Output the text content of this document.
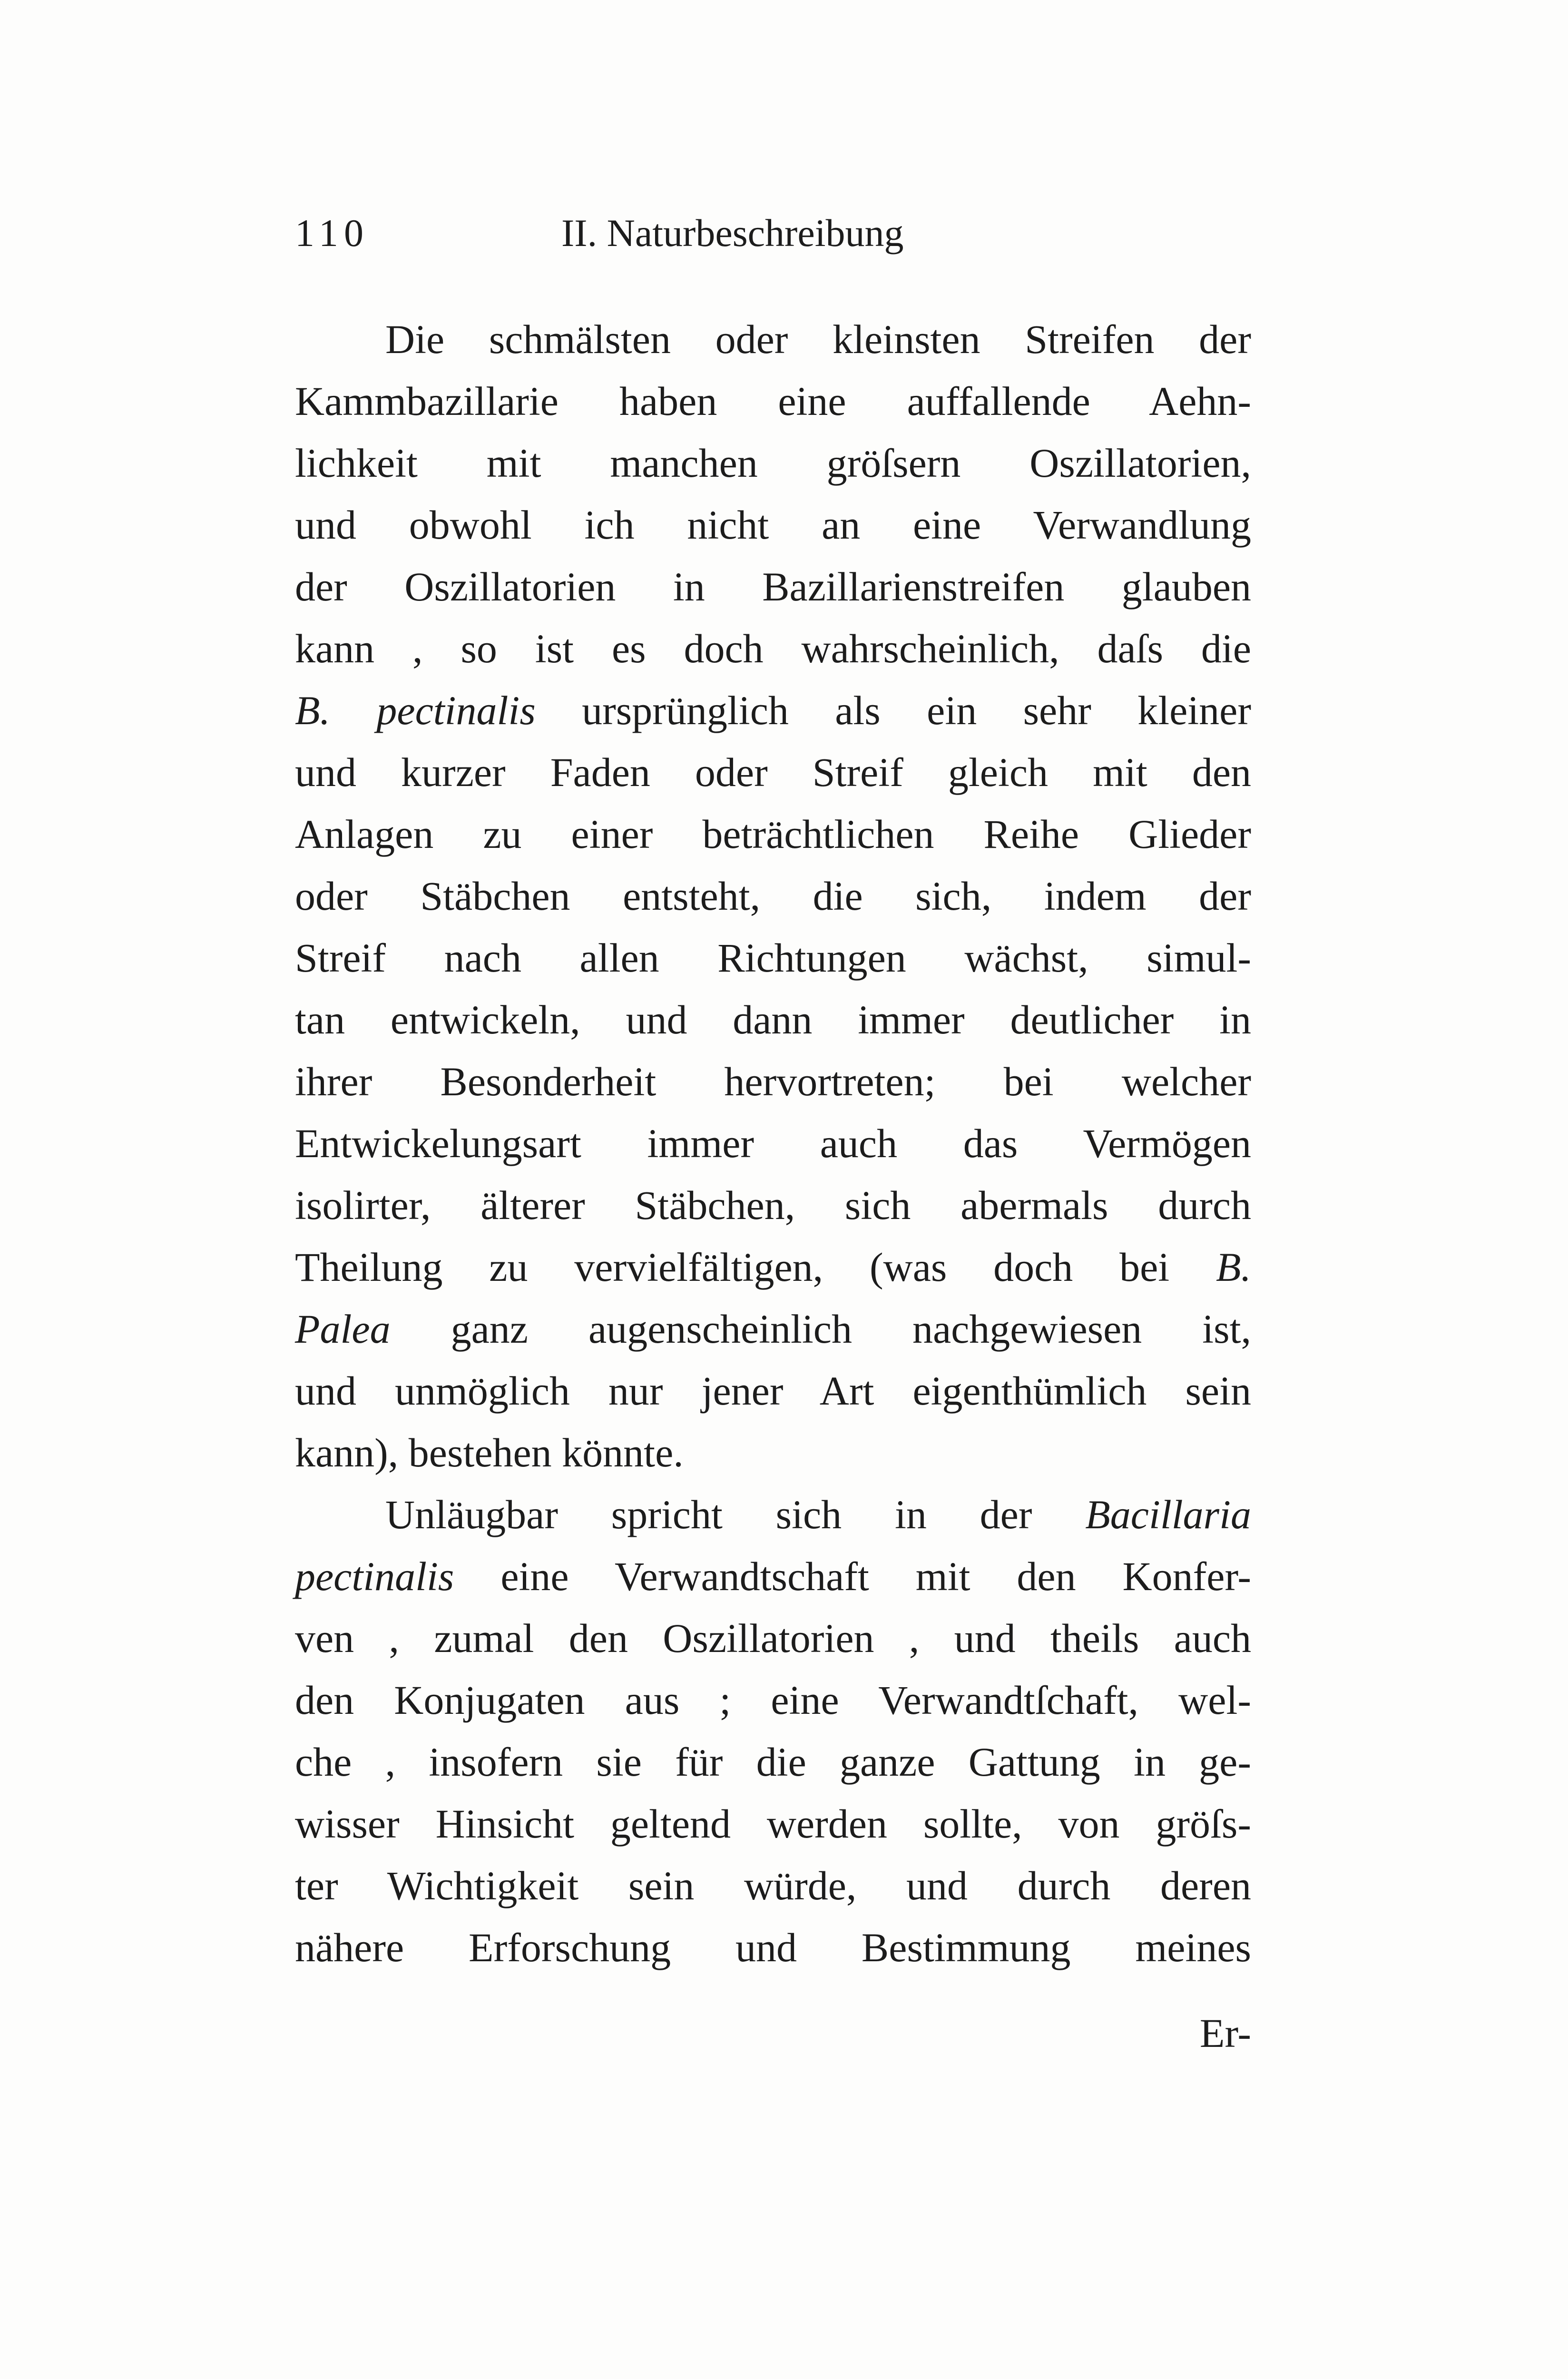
110	II. Naturbeschreibung
Die schmälsten oder kleinsten Streifen der
Kammbazillarie haben eine auffallende Aehn-
lichkeit mit manchen gröſsern Oszillatorien,
und obwohl ich nicht an eine Verwandlung
der Oszillatorien in Bazillarienstreifen glauben
kann , so ist es doch wahrscheinlich, daſs die
B. pectinalis ursprünglich als ein sehr kleiner
und kurzer Faden oder Streif gleich mit den
Anlagen zu einer beträchtlichen Reihe Glieder
oder Stäbchen entsteht, die sich, indem der
Streif nach allen Richtungen wächst, simul-
tan entwickeln, und dann immer deutlicher in
ihrer Besonderheit hervortreten; bei welcher
Entwickelungsart immer auch das Vermögen
isolirter, älterer Stäbchen, sich abermals durch
Theilung zu vervielfältigen, (was doch bei B.
Palea ganz augenscheinlich nachgewiesen ist,
und unmöglich nur jener Art eigenthümlich sein
kann), bestehen könnte.
Unläugbar spricht sich in der Bacillaria
pectinalis eine Verwandtschaft mit den Konfer-
ven , zumal den Oszillatorien , und theils auch
den Konjugaten aus ; eine Verwandtſchaft, wel-
che , insofern sie für die ganze Gattung in ge-
wisser Hinsicht geltend werden sollte, von gröſs-
ter Wichtigkeit sein würde, und durch deren
nähere Erforschung und Bestimmung meines
Er-
